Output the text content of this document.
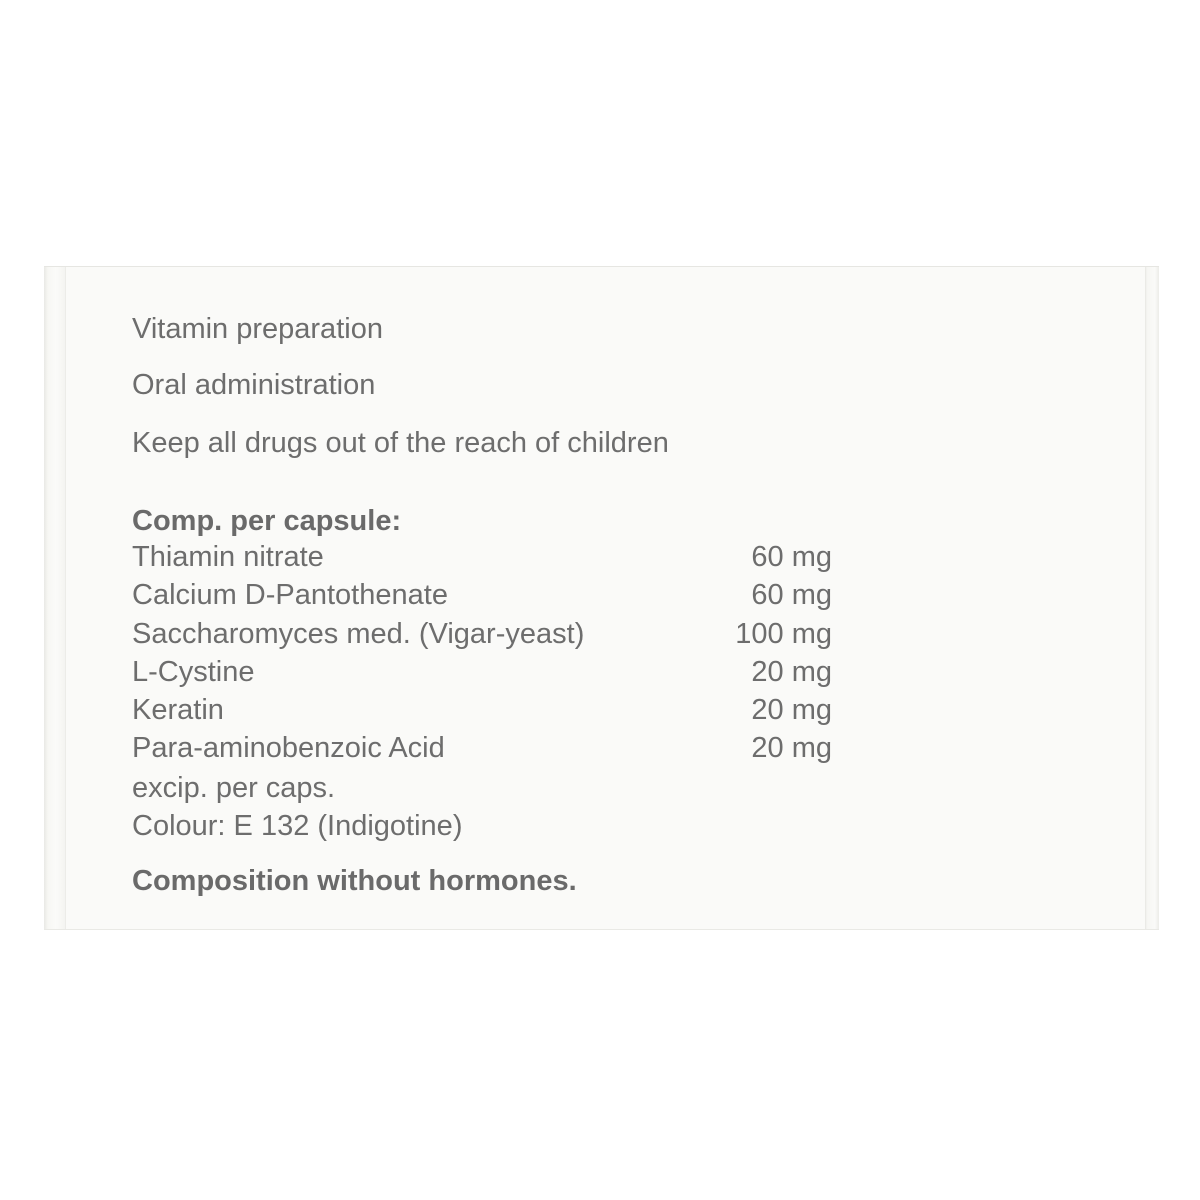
Vitamin preparation
Oral administration
Keep all drugs out of the reach of children
Comp. per capsule:
Thiamin nitrate	60 mg
Calcium D-Pantothenate	60 mg
Saccharomyces med. (Vigar-yeast)	100 mg
L-Cystine	20 mg
Keratin	20 mg
Para-aminobenzoic Acid	20 mg
excip. per caps.
Colour: E 132 (Indigotine)
Composition without hormones.
